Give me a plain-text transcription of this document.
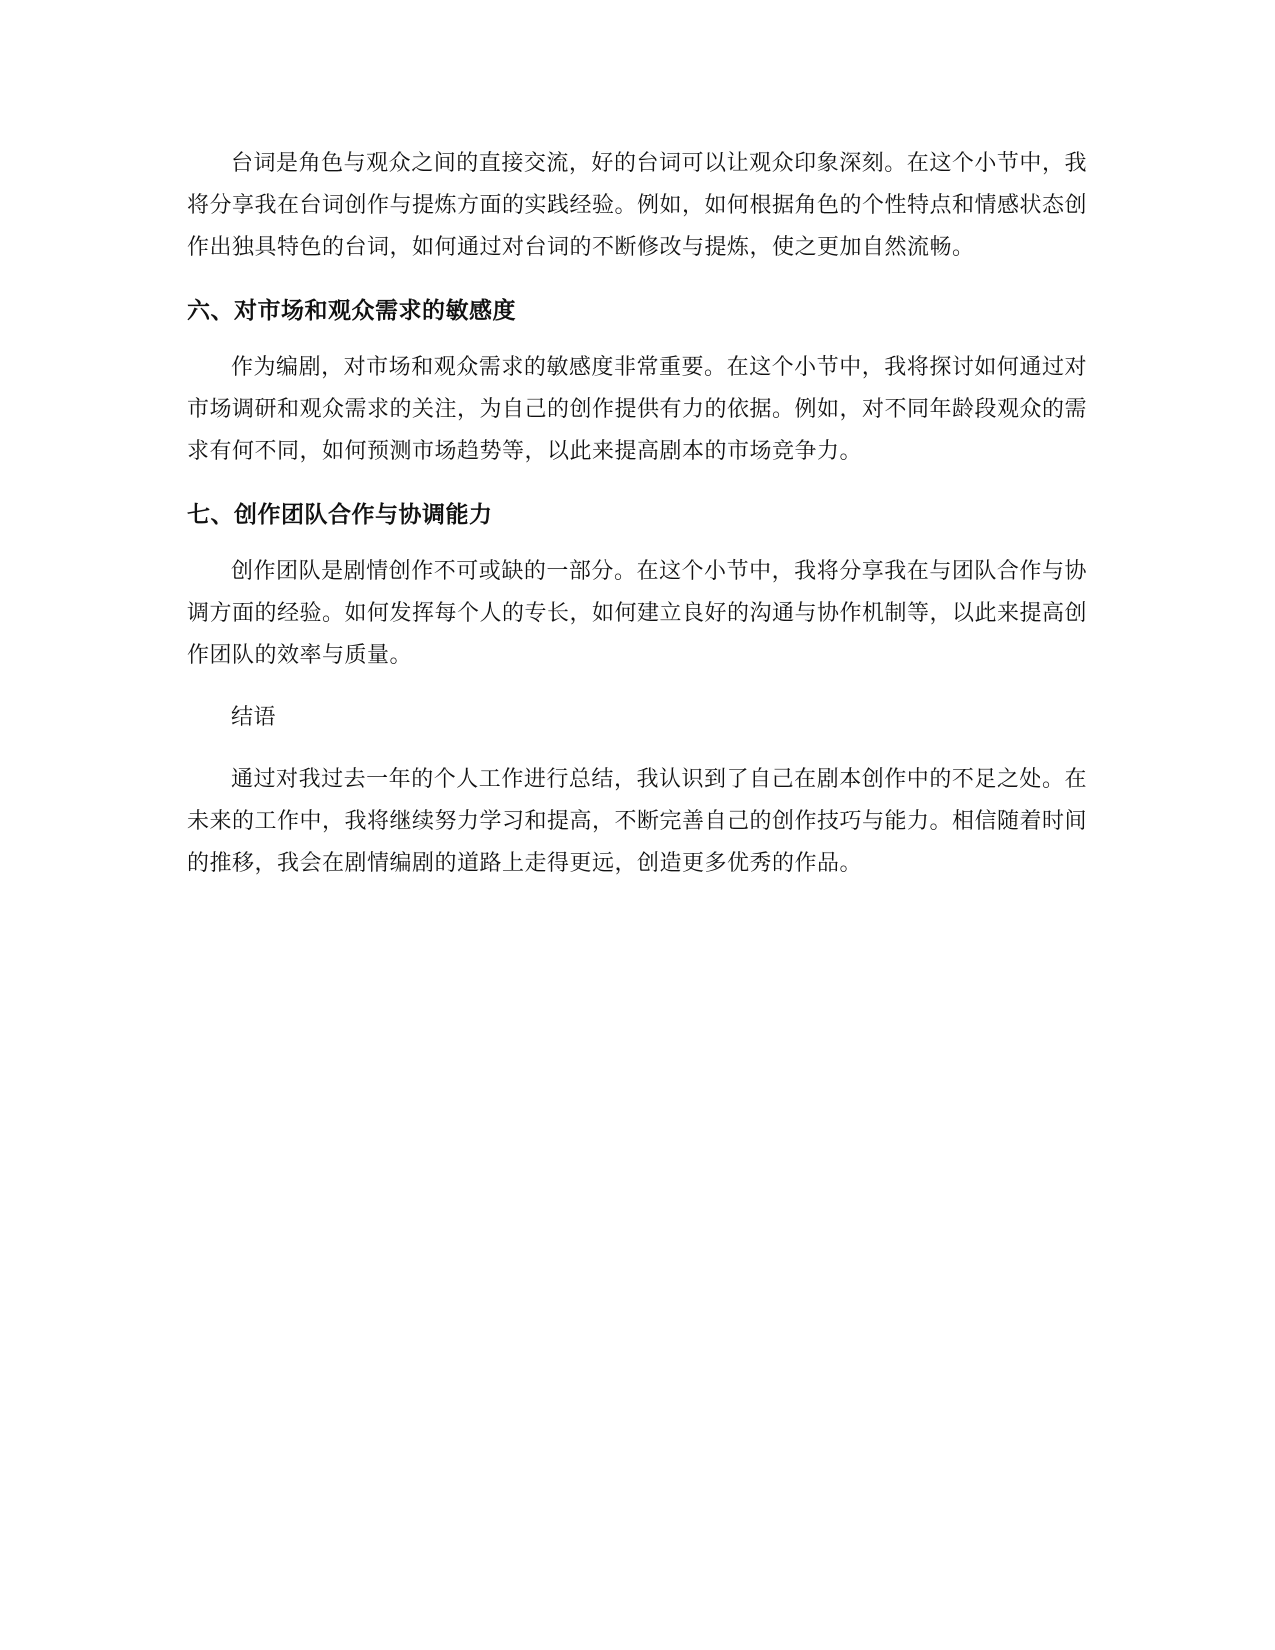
台词是角色与观众之间的直接交流，好的台词可以让观众印象深刻。在这个小节中，我将分享我在台词创作与提炼方面的实践经验。例如，如何根据角色的个性特点和情感状态创作出独具特色的台词，如何通过对台词的不断修改与提炼，使之更加自然流畅。

六、对市场和观众需求的敏感度

作为编剧，对市场和观众需求的敏感度非常重要。在这个小节中，我将探讨如何通过对市场调研和观众需求的关注，为自己的创作提供有力的依据。例如，对不同年龄段观众的需求有何不同，如何预测市场趋势等，以此来提高剧本的市场竞争力。

七、创作团队合作与协调能力

创作团队是剧情创作不可或缺的一部分。在这个小节中，我将分享我在与团队合作与协调方面的经验。如何发挥每个人的专长，如何建立良好的沟通与协作机制等，以此来提高创作团队的效率与质量。

结语

通过对我过去一年的个人工作进行总结，我认识到了自己在剧本创作中的不足之处。在未来的工作中，我将继续努力学习和提高，不断完善自己的创作技巧与能力。相信随着时间的推移，我会在剧情编剧的道路上走得更远，创造更多优秀的作品。
